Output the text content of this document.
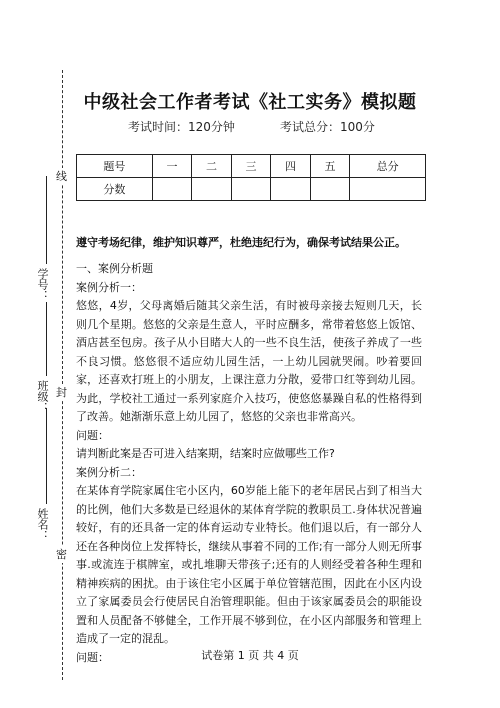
线
封
密
学号：
班级：
姓名：
中级社会工作者考试《社工实务》模拟题
考试时间：120分钟	考试总分：100分
题号	一	二	三	四	五	总分
分数						
遵守考场纪律，维护知识尊严，杜绝违纪行为，确保考试结果公正。

一、案例分析题

案例分析一：

悠悠，4岁，父母离婚后随其父亲生活，有时被母亲接去短则几天，长则几个星期。悠悠的父亲是生意人，平时应酬多，常带着悠悠上饭馆、酒店甚至包房。孩子从小目睹大人的一些不良生活，使孩子养成了一些不良习惯。悠悠很不适应幼儿园生活，一上幼儿园就哭闹。吵着要回家，还喜欢打班上的小朋友，上课注意力分散，爱带口红等到幼儿园。为此，学校社工通过一系列家庭介入技巧，使悠悠暴躁自私的性格得到了改善。她渐渐乐意上幼儿园了，悠悠的父亲也非常高兴。

问题：

请判断此案是否可进入结案期，结案时应做哪些工作?

案例分析二：

在某体育学院家属住宅小区内，60岁能上能下的老年居民占到了相当大的比例，他们大多数是已经退休的某体育学院的教职员工.身体状况普遍较好，有的还具备一定的体育运动专业特长。他们退以后，有一部分人还在各种岗位上发挥特长，继续从事着不同的工作;有一部分人则无所事事.或流连于棋牌室，或扎堆聊天带孩子;还有的人则经受着各种生理和精神疾病的困扰。由于该住宅小区属于单位管辖范围，因此在小区内设立了家属委员会行使居民自治管理职能。但由于该家属委员会的职能设置和人员配备不够健全，工作开展不够到位，在小区内部服务和管理上造成了一定的混乱。

问题：	试卷第 1 页 共 4 页
